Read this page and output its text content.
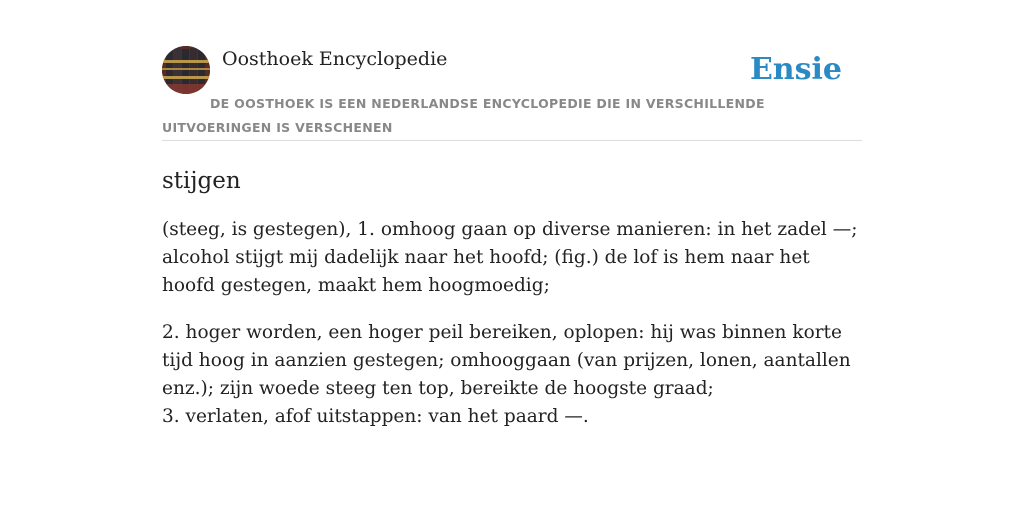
Oosthoek Encyclopedie	Ensie
DE OOSTHOEK IS EEN NEDERLANDSE ENCYCLOPEDIE DIE IN VERSCHILLENDE UITVOERINGEN IS VERSCHENEN
stijgen

(steeg, is gestegen), 1. omhoog gaan op diverse manieren: in het zadel —; alcohol stijgt mij dadelijk naar het hoofd; (fig.) de lof is hem naar het hoofd gestegen, maakt hem hoogmoedig;

2. hoger worden, een hoger peil bereiken, oplopen: hij was binnen korte tijd hoog in aanzien gestegen; omhooggaan (van prijzen, lonen, aantallen enz.); zijn woede steeg ten top, bereikte de hoogste graad;
3. verlaten, afof uitstappen: van het paard —.
